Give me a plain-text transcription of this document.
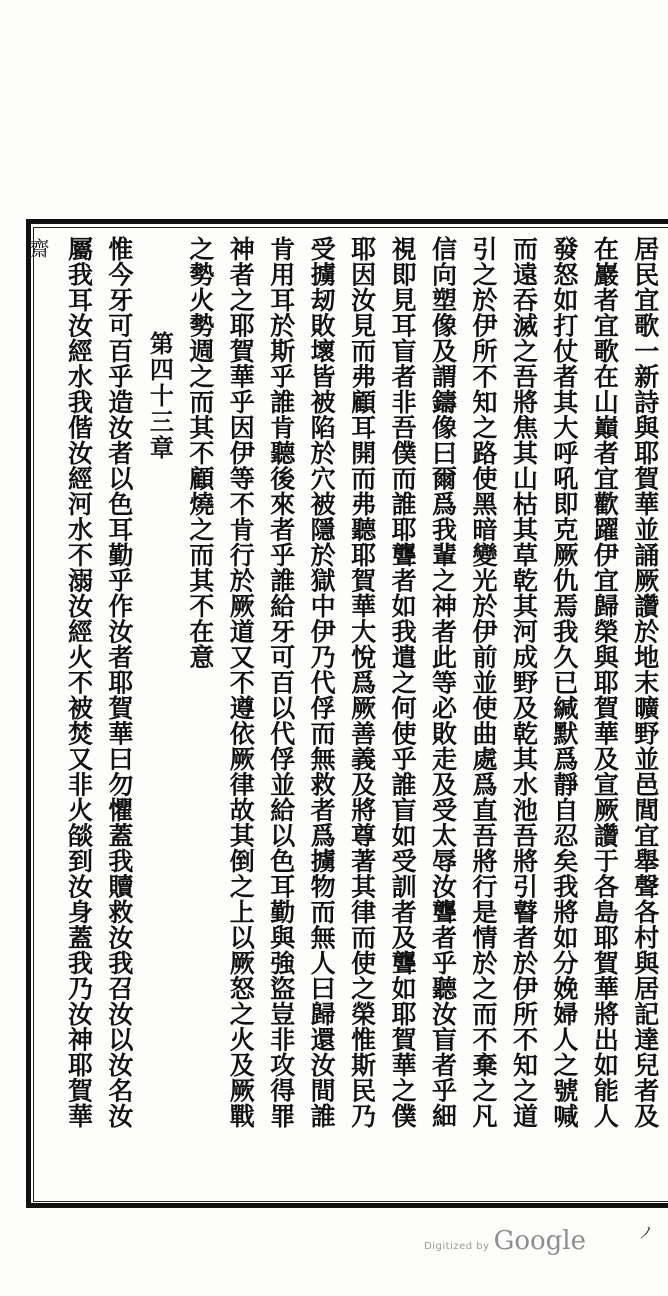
居民宜歌一新詩與耶賀華並誦厥讚於地末曠野並邑閭宜舉聲各村與居記達兒者及
在巖者宜歌在山巔者宜歡躍伊宜歸榮與耶賀華及宣厥讚于各島耶賀華將出如能人
發怒如打仗者其大呼吼即克厥仇焉我久已緘默爲靜自忍矣我將如分娩婦人之號喊
而遠吞滅之吾將焦其山枯其草乾其河成野及乾其水池吾將引瞽者於伊所不知之道
引之於伊所不知之路使黑暗變光於伊前並使曲處爲直吾將行是情於之而不棄之凡
信向塑像及謂鑄像曰爾爲我輩之神者此等必敗走及受太辱汝聾者乎聽汝盲者乎細
視即見耳盲者非吾僕而誰耶聾者如我遣之何使乎誰盲如受訓者及聾如耶賀華之僕
耶因汝見而弗顧耳開而弗聽耶賀華大悅爲厥善義及將尊著其律而使之榮惟斯民乃
受擄刼敗壞皆被陷於穴被隱於獄中伊乃代俘而無救者爲擄物而無人曰歸還汝間誰
肯用耳於斯乎誰肯聽後來者乎誰給牙可百以代俘並給以色耳勤與強盜豈非攻得罪
神者之耶賀華乎因伊等不肯行於厥道又不遵依厥律故其倒之上以厥怒之火及厥戰
之勢火勢週之而其不顧燒之而其不在意
第四十三章
惟今牙可百乎造汝者以色耳勤乎作汝者耶賀華曰勿懼蓋我贖救汝我召汝以汝名汝
屬我耳汝經水我偕汝經河水不溺汝經火不被焚又非火燄到汝身蓋我乃汝神耶賀華
齋
ノ
Digitized by Google
